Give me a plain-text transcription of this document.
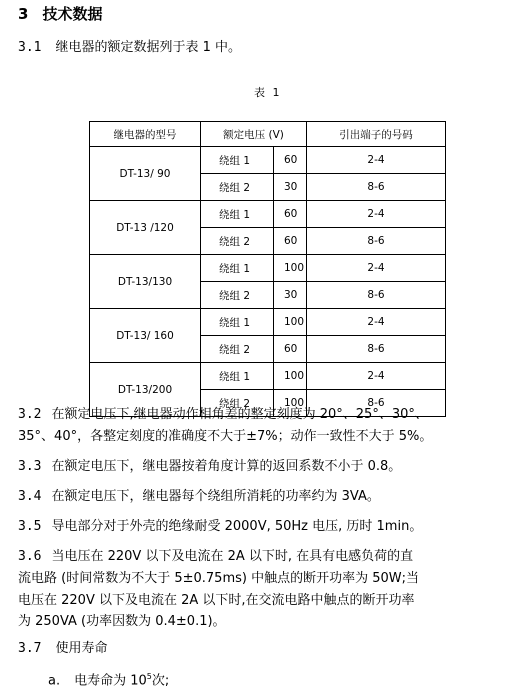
3 技术数据
3.1 继电器的额定数据列于表 1 中。
表 1
继电器的型号	额定电压 (V)		引出端子的号码
DT-13/ 90	绕组 1	60	2-4
	绕组 2	30	8-6
DT-13 /120	绕组 1	60	2-4
	绕组 2	60	8-6
DT-13/130	绕组 1	100	2-4
	绕组 2	30	8-6
DT-13/ 160	绕组 1	100	2-4
	绕组 2	60	8-6
DT-13/200	绕组 1	100	2-4
	绕组 2	100	8-6
3.2 在额定电压下,继电器动作相角差的整定刻度为 20°、25°、30°、
35°、40°，各整定刻度的准确度不大于±7%；动作一致性不大于 5%。
3.3 在额定电压下，继电器按着角度计算的返回系数不小于 0.8。
3.4 在额定电压下，继电器每个绕组所消耗的功率约为 3VA。
3.5 导电部分对于外壳的绝缘耐受 2000V, 50Hz 电压, 历时 1min。
3.6 当电压在 220V 以下及电流在 2A 以下时, 在具有电感负荷的直
流电路 (时间常数为不大于 5±0.75ms) 中触点的断开功率为 50W;当
电压在 220V 以下及电流在 2A 以下时,在交流电路中触点的断开功率
为 250VA (功率因数为 0.4±0.1)。
3.7 使用寿命
a. 电寿命为 $10^5$次;
